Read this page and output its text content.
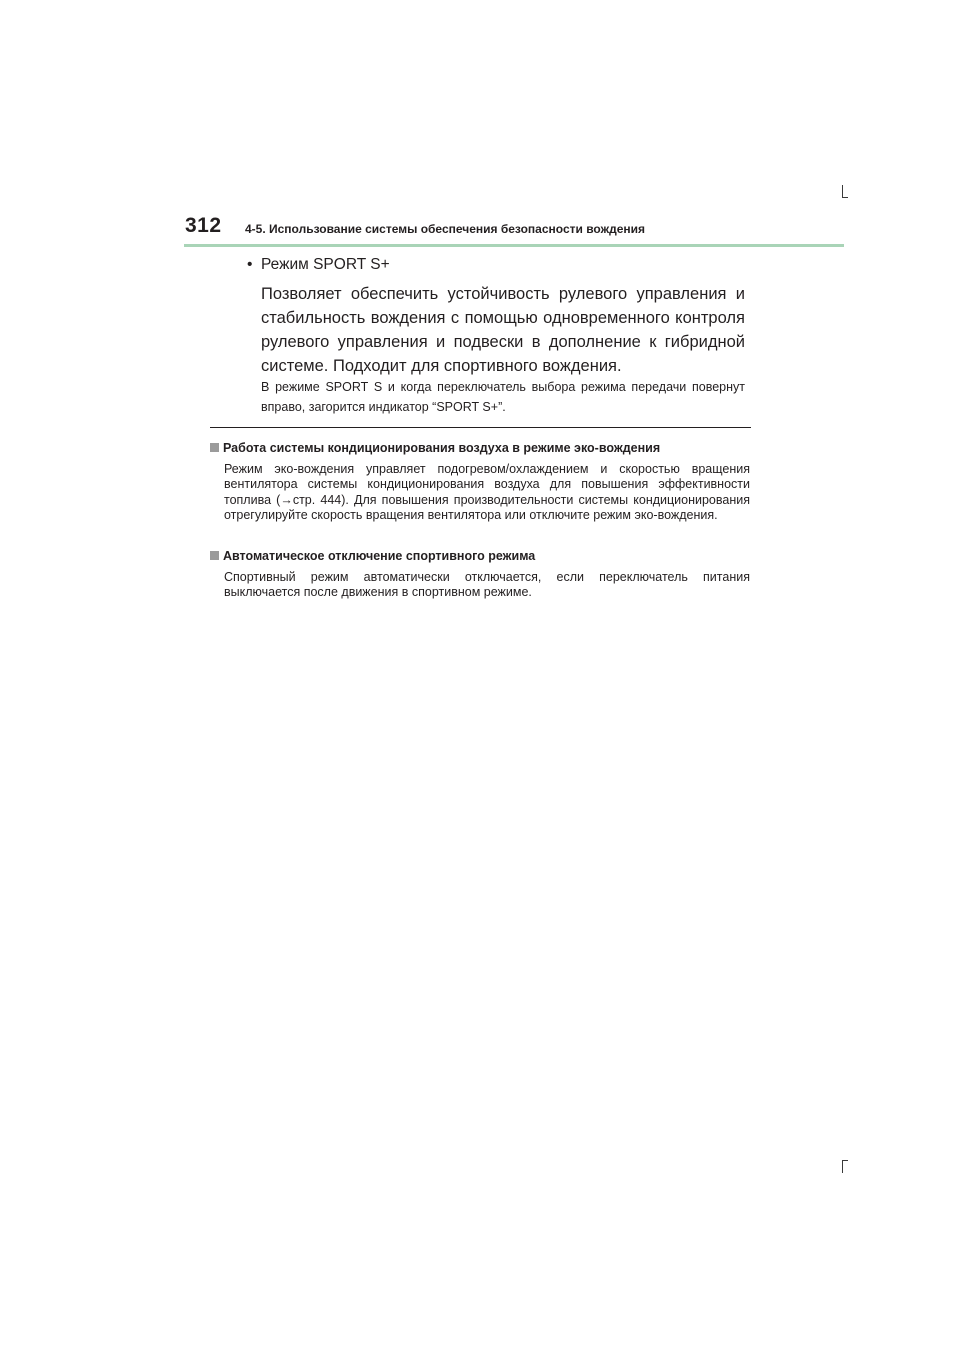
312 4-5. Использование системы обеспечения безопасности вождения
• Режим SPORT S+
Позволяет обеспечить устойчивость рулевого управления и стабильность вождения с помощью одновременного контроля рулевого управления и подвески в дополнение к гибридной системе. Подходит для спортивного вождения.
В режиме SPORT S и когда переключатель выбора режима передачи повернут вправо, загорится индикатор “SPORT S+”.
Работа системы кондиционирования воздуха в режиме эко-вождения
Режим эко-вождения управляет подогревом/охлаждением и скоростью вращения вентилятора системы кондиционирования воздуха для повышения эффективности топлива (→стр. 444). Для повышения производительности системы кондиционирования отрегулируйте скорость вращения вентилятора или отключите режим эко-вождения.
Автоматическое отключение спортивного режима
Спортивный режим автоматически отключается, если переключатель питания выключается после движения в спортивном режиме.
